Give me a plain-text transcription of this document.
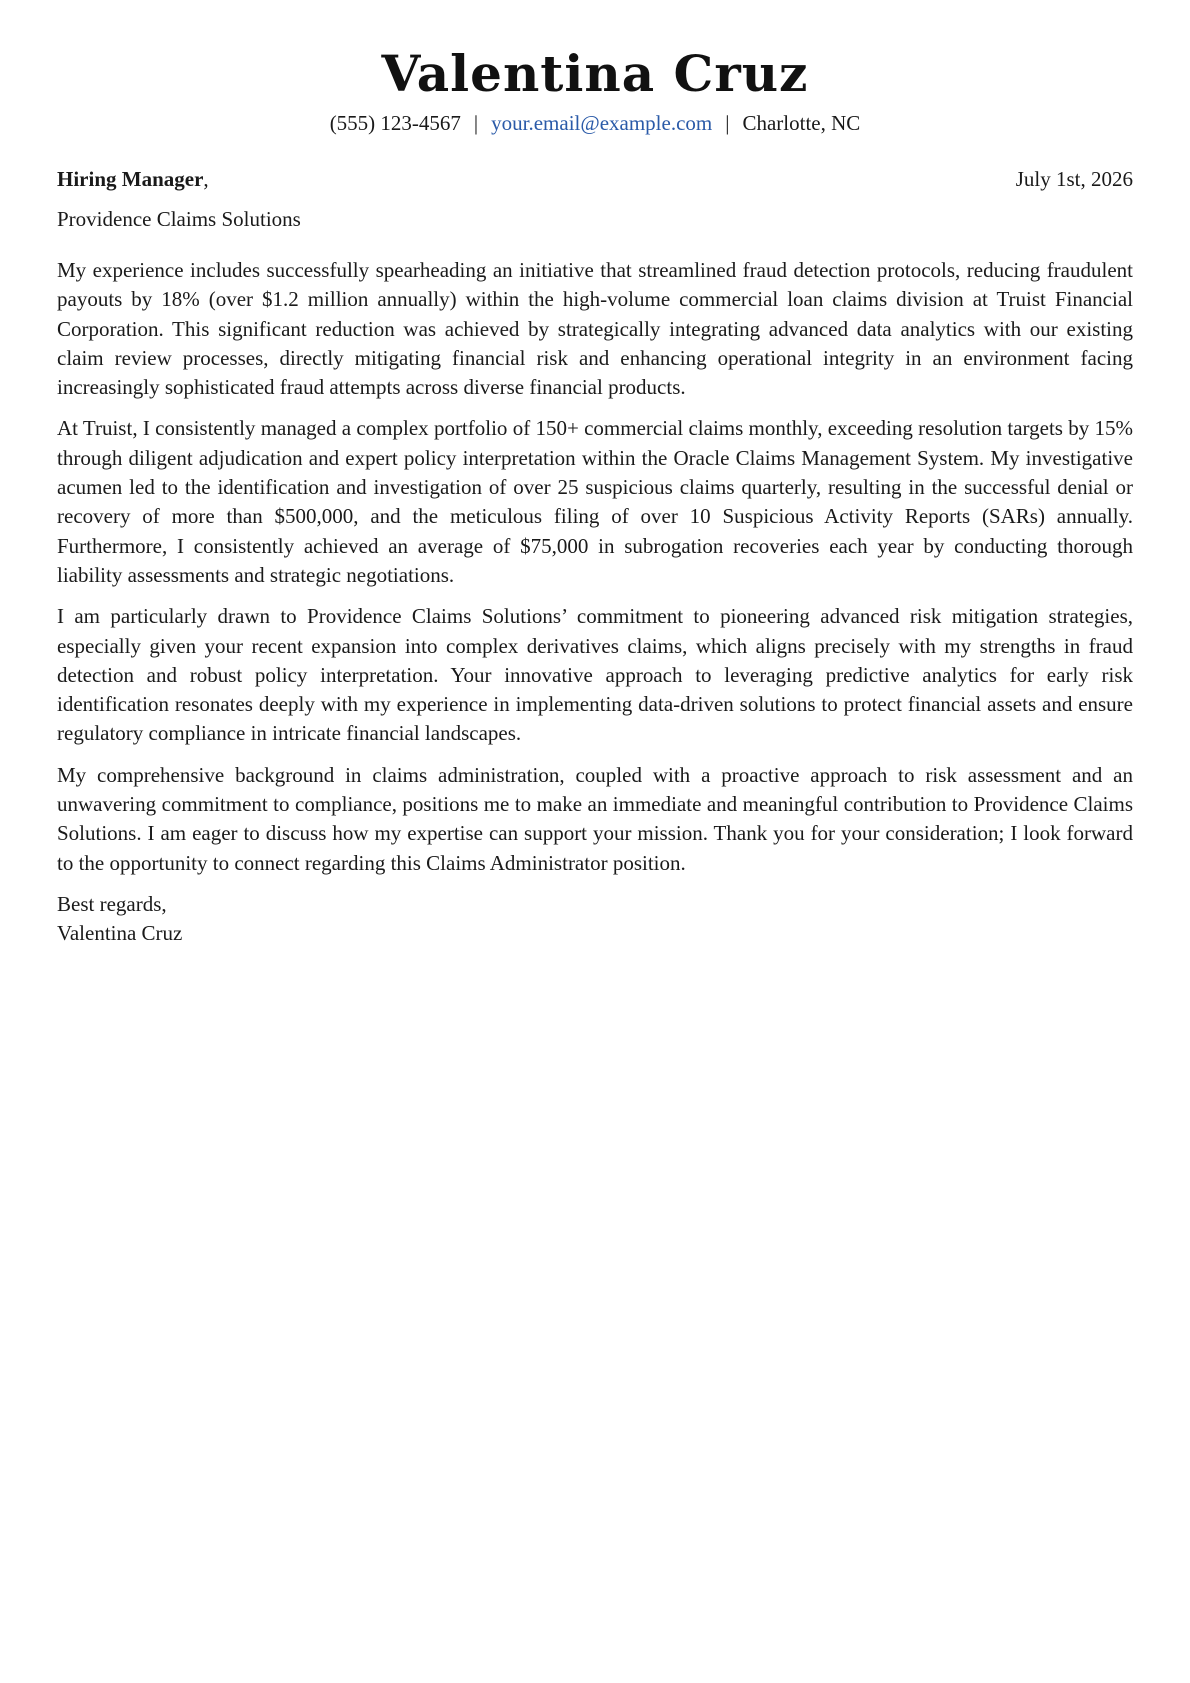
Valentina Cruz
(555) 123-4567 | your.email@example.com | Charlotte, NC
Hiring Manager,	July 1st, 2026
Providence Claims Solutions

My experience includes successfully spearheading an initiative that streamlined fraud detection protocols, reducing fraudulent payouts by 18% (over $1.2 million annually) within the high-volume commercial loan claims division at Truist Financial Corporation. This significant reduction was achieved by strategically integrating advanced data analytics with our existing claim review processes, directly mitigating financial risk and enhancing operational integrity in an environment facing increasingly sophisticated fraud attempts across diverse financial products.

At Truist, I consistently managed a complex portfolio of 150+ commercial claims monthly, exceeding resolution targets by 15% through diligent adjudication and expert policy interpretation within the Oracle Claims Management System. My investigative acumen led to the identification and investigation of over 25 suspicious claims quarterly, resulting in the successful denial or recovery of more than $500,000, and the meticulous filing of over 10 Suspicious Activity Reports (SARs) annually. Furthermore, I consistently achieved an average of $75,000 in subrogation recoveries each year by conducting thorough liability assessments and strategic negotiations.

I am particularly drawn to Providence Claims Solutions’ commitment to pioneering advanced risk mitigation strategies, especially given your recent expansion into complex derivatives claims, which aligns precisely with my strengths in fraud detection and robust policy interpretation. Your innovative approach to leveraging predictive analytics for early risk identification resonates deeply with my experience in implementing data-driven solutions to protect financial assets and ensure regulatory compliance in intricate financial landscapes.

My comprehensive background in claims administration, coupled with a proactive approach to risk assessment and an unwavering commitment to compliance, positions me to make an immediate and meaningful contribution to Providence Claims Solutions. I am eager to discuss how my expertise can support your mission. Thank you for your consideration; I look forward to the opportunity to connect regarding this Claims Administrator position.

Best regards,
Valentina Cruz
